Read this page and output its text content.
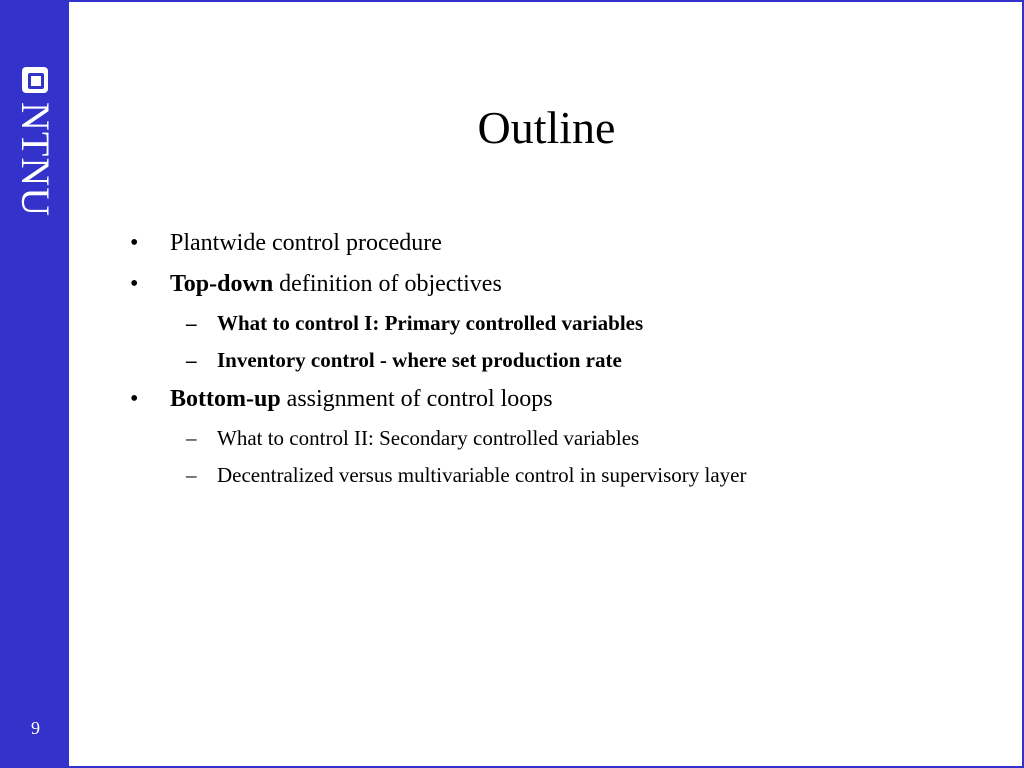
NTNU
9
Outline
• Plantwide control procedure
• Top-down definition of objectives
– What to control I: Primary controlled variables
– Inventory control - where set production rate
• Bottom-up assignment of control loops
– What to control II: Secondary controlled variables
– Decentralized versus multivariable control in supervisory layer
